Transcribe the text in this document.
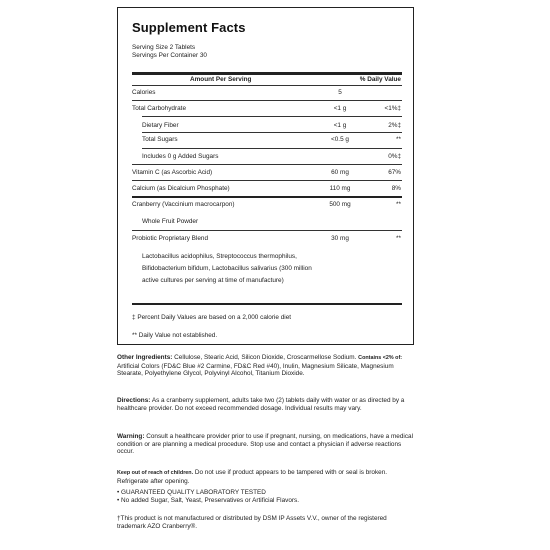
Supplement Facts
Serving Size 2 Tablets
Servings Per Container 30
Amount Per Serving	% Daily Value
Calories	5
Total Carbohydrate	<1 g	<1%‡
Dietary Fiber	<1 g	2%‡
Total Sugars	<0.5 g	**
Includes 0 g Added Sugars	0%‡
Vitamin C (as Ascorbic Acid)	60 mg	67%
Calcium (as Dicalcium Phosphate)	110 mg	8%
Cranberry (Vaccinium macrocarpon)	500 mg	**
Whole Fruit Powder
Probiotic Proprietary Blend	30 mg	**
Lactobacillus acidophilus, Streptococcus thermophilus, Bifidobacterium bifidum, Lactobacillus salivarius (300 million active cultures per serving at time of manufacture)
‡ Percent Daily Values are based on a 2,000 calorie diet
** Daily Value not established.
Other Ingredients: Cellulose, Stearic Acid, Silicon Dioxide, Croscarmellose Sodium. Contains <2% of: Artificial Colors (FD&C Blue #2 Carmine, FD&C Red #40), Inulin, Magnesium Silicate, Magnesium Stearate, Polyethylene Glycol, Polyvinyl Alcohol, Titanium Dioxide.
Directions: As a cranberry supplement, adults take two (2) tablets daily with water or as directed by a healthcare provider. Do not exceed recommended dosage. Individual results may vary.
Warning: Consult a healthcare provider prior to use if pregnant, nursing, on medications, have a medical condition or are planning a medical procedure. Stop use and contact a physician if adverse reactions occur.
Keep out of reach of children. Do not use if product appears to be tampered with or seal is broken. Refrigerate after opening.
• GUARANTEED QUALITY LABORATORY TESTED
• No added Sugar, Salt, Yeast, Preservatives or Artificial Flavors.
†This product is not manufactured or distributed by DSM IP Assets V.V., owner of the registered trademark AZO Cranberry®.
